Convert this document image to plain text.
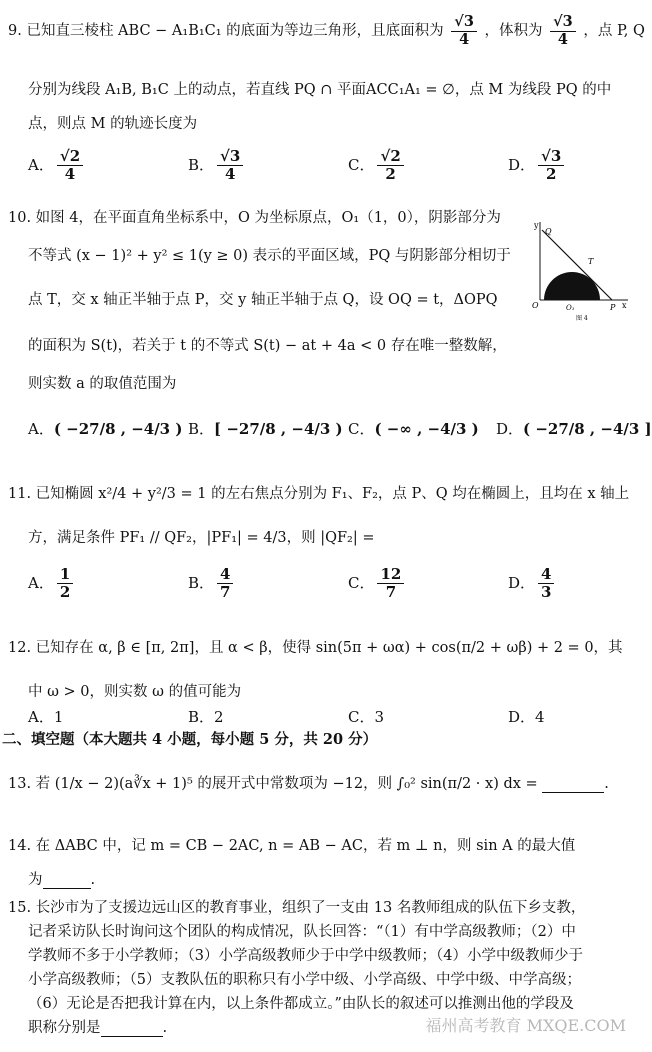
9. 已知直三棱柱 ABC − A₁B₁C₁ 的底面为等边三角形，且底面积为 $\frac{√3}{4}$ ，体积为 $\frac{√3}{4}$ ，点 P, Q
分别为线段 A₁B, B₁C 上的动点，若直线 PQ ∩ 平面ACC₁A₁ = ∅，点 M 为线段 PQ 的中
点，则点 M 的轨迹长度为
A． $\frac{√2}{4}$	B． $\frac{√3}{4}$	C． $\frac{√2}{2}$	D． $\frac{√3}{2}$
10. 如图 4，在平面直角坐标系中，O 为坐标原点，O₁（1，0），阴影部分为
不等式 (x − 1)² + y² ≤ 1(y ≥ 0) 表示的平面区域，PQ 与阴影部分相切于
点 T，交 x 轴正半轴于点 P，交 y 轴正半轴于点 Q，设 OQ = t，ΔOPQ
的面积为 S(t)，若关于 t 的不等式 S(t) − at + 4a < 0 存在唯一整数解，
则实数 a 的取值范围为
A．( −27/8 , −4/3 ) B．[ −27/8 , −4/3 ) C．( −∞ , −4/3 ) D．( −27/8 , −4/3 ]
y
Q
T
O	O₁	P x
图 4
11. 已知椭圆 x²/4 + y²/3 = 1 的左右焦点分别为 F₁、F₂，点 P、Q 均在椭圆上，且均在 x 轴上
方，满足条件 PF₁ // QF₂，|PF₁| = 4/3，则 |QF₂| =
A． $\frac{1}{2}$	B． $\frac{4}{7}$	C． $\frac{12}{7}$	D． $\frac{4}{3}$
12. 已知存在 α, β ∈ [π, 2π]，且 α < β，使得 sin(5π + ωα) + cos(π/2 + ωβ) + 2 = 0，其
中 ω > 0，则实数 ω 的值可能为
A．1	B．2	C．3	D．4
二、填空题（本大题共 4 小题，每小题 5 分，共 20 分）
13. 若 (1/x − 2)(a∛x + 1)⁵ 的展开式中常数项为 −12，则 ∫₀² sin(π/2 · x) dx =	.
14. 在 ΔABC 中，记 m = CB − 2AC, n = AB − AC，若 m ⊥ n，则 sin A 的最大值
为	.
15. 长沙市为了支援边远山区的教育事业，组织了一支由 13 名教师组成的队伍下乡支教，
记者采访队长时询问这个团队的构成情况，队长回答：“（1）有中学高级教师；（2）中
学教师不多于小学教师；（3）小学高级教师少于中学中级教师；（4）小学中级教师少于
小学高级教师；（5）支教队伍的职称只有小学中级、小学高级、中学中级、中学高级；
（6）无论是否把我计算在内，以上条件都成立。”由队长的叙述可以推测出他的学段及
职称分别是	.	福州高考教育 MXQE.COM
